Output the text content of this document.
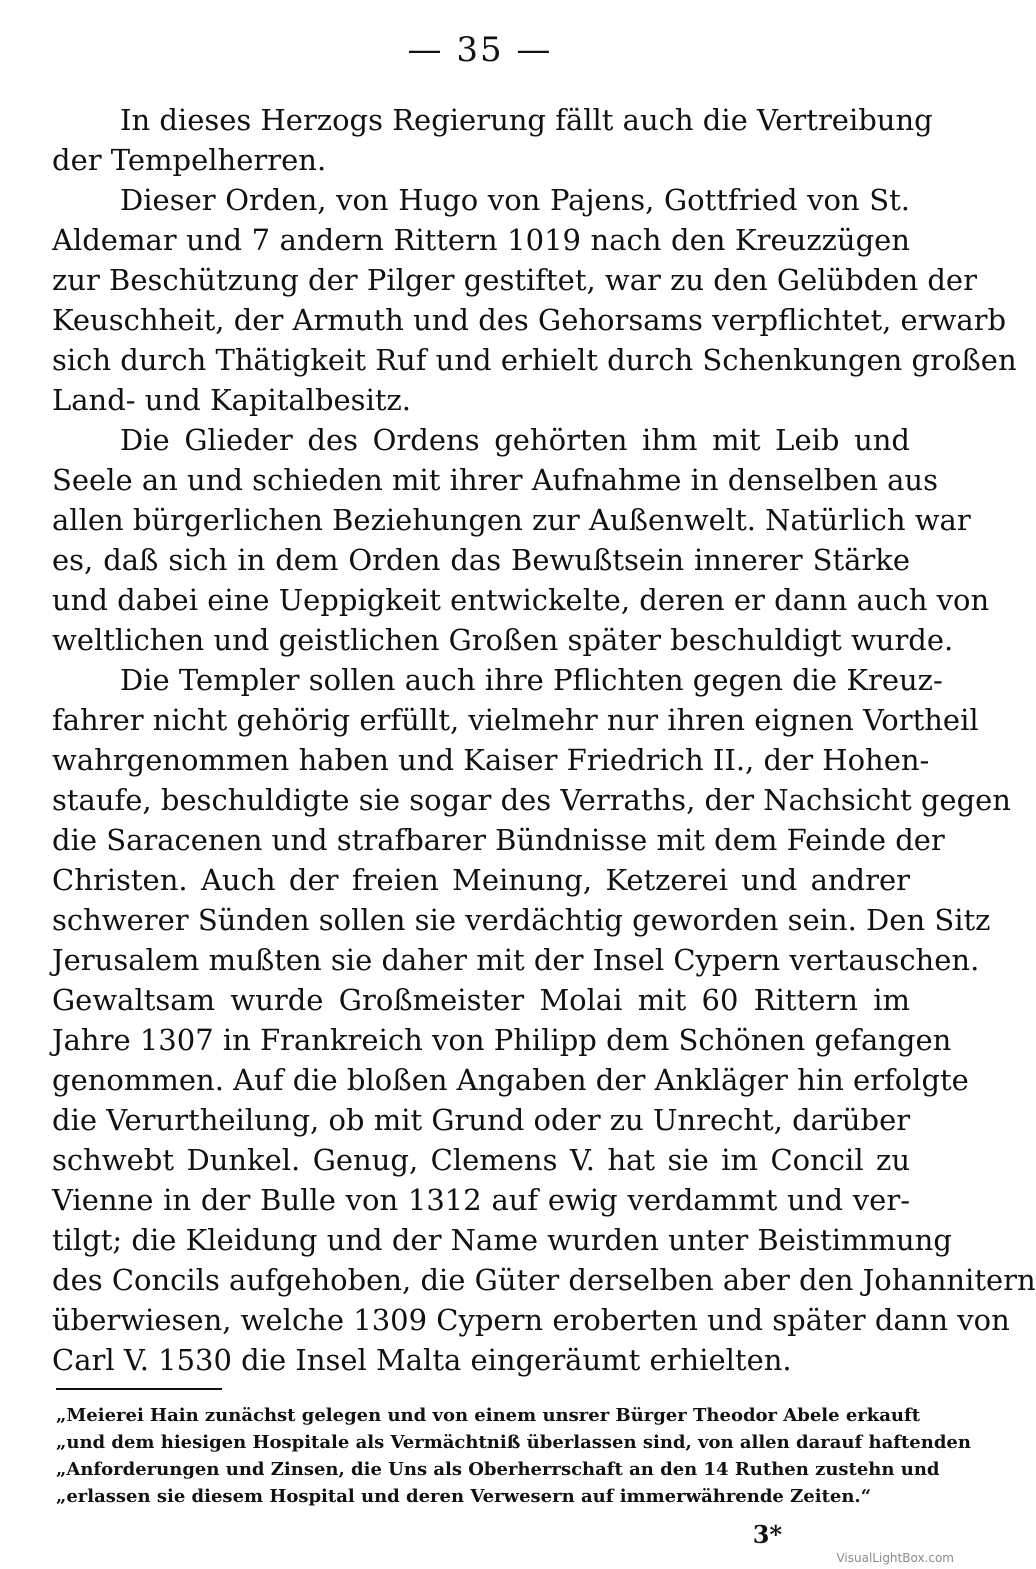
— 35 —
In dieses Herzogs Regierung fällt auch die Vertreibung
der Tempelherren.
Dieser Orden, von Hugo von Pajens, Gottfried von St.
Aldemar und 7 andern Rittern 1019 nach den Kreuzzügen
zur Beschützung der Pilger gestiftet, war zu den Gelübden der
Keuschheit, der Armuth und des Gehorsams verpflichtet, erwarb
sich durch Thätigkeit Ruf und erhielt durch Schenkungen großen
Land- und Kapitalbesitz.
Die Glieder des Ordens gehörten ihm mit Leib und
Seele an und schieden mit ihrer Aufnahme in denselben aus
allen bürgerlichen Beziehungen zur Außenwelt. Natürlich war
es, daß sich in dem Orden das Bewußtsein innerer Stärke
und dabei eine Ueppigkeit entwickelte, deren er dann auch von
weltlichen und geistlichen Großen später beschuldigt wurde.
Die Templer sollen auch ihre Pflichten gegen die Kreuz-
fahrer nicht gehörig erfüllt, vielmehr nur ihren eignen Vortheil
wahrgenommen haben und Kaiser Friedrich II., der Hohen-
staufe, beschuldigte sie sogar des Verraths, der Nachsicht gegen
die Saracenen und strafbarer Bündnisse mit dem Feinde der
Christen. Auch der freien Meinung, Ketzerei und andrer
schwerer Sünden sollen sie verdächtig geworden sein. Den Sitz
Jerusalem mußten sie daher mit der Insel Cypern vertauschen.
Gewaltsam wurde Großmeister Molai mit 60 Rittern im
Jahre 1307 in Frankreich von Philipp dem Schönen gefangen
genommen. Auf die bloßen Angaben der Ankläger hin erfolgte
die Verurtheilung, ob mit Grund oder zu Unrecht, darüber
schwebt Dunkel. Genug, Clemens V. hat sie im Concil zu
Vienne in der Bulle von 1312 auf ewig verdammt und ver-
tilgt; die Kleidung und der Name wurden unter Beistimmung
des Concils aufgehoben, die Güter derselben aber den Johannitern
überwiesen, welche 1309 Cypern eroberten und später dann von
Carl V. 1530 die Insel Malta eingeräumt erhielten.
„Meierei Hain zunächst gelegen und von einem unsrer Bürger Theodor Abele erkauft
„und dem hiesigen Hospitale als Vermächtniß überlassen sind, von allen darauf haftenden
„Anforderungen und Zinsen, die Uns als Oberherrschaft an den 14 Ruthen zustehn und
„erlassen sie diesem Hospital und deren Verwesern auf immerwährende Zeiten.“
3*
VisualLightBox.com
